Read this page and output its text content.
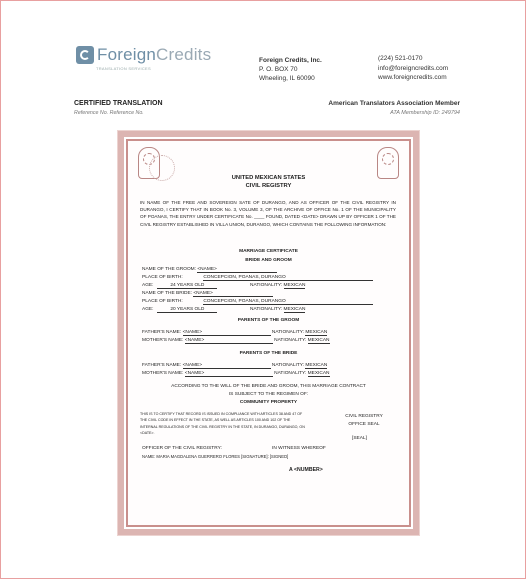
ForeignCredits
TRANSLATION SERVICES
Foreign Credits, Inc.
P. O. BOX 70
Wheeling, IL 60090
(224) 521-0170
info@foreigncredits.com
www.foreigncredits.com
CERTIFIED TRANSLATION
Reference No. Reference No.
American Translators Association Member
ATA Membership ID: 249794
UNITED MEXICAN STATES
CIVIL REGISTRY
IN NAME OF THE FREE AND SOVEREIGN SATE OF DURANGO, AND AS OFFICER OF THE CIVIL REGISTRY IN DURANGO, I CERTIFY THAT IN BOOK No. 3, VOLUME 3, OF THE ARCHIVE OF OFFICE No. 1 OF THE MUNICIPALITY OF POANAS, THE ENTRY UNDER CERTIFICATE No. ____ FOUND, DATED <DATE> DRAWN UP BY OFFICER 1 OF THE CIVIL REGISTRY ESTABLISHED IN VILLA UNION, DURANGO, WHICH CONTAINS THE FOLLOWING INFORMATION:
MARRIAGE CERTIFICATE
BRIDE AND GROOM
NAME OF THE GROOM: <NAME>
PLACE OF BIRTH:	CONCEPCION, POANAS, DURANGO
AGE:	24 YEARS OLD	NATIONALITY: MEXICAN
NAME OF THE BRIDE: <NAME>
PLACE OF BIRTH:	CONCEPCION, POANAS, DURANGO
AGE:	20 YEARS OLD	NATIONALITY: MEXICAN
PARENTS OF THE GROOM
FATHER'S NAME: <NAME>	NATIONALITY: MEXICAN
MOTHER'S NAME: <NAME>	NATIONALITY: MEXICAN
PARENTS OF THE BRIDE
FATHER'S NAME: <NAME>	NATIONALITY: MEXICAN
MOTHER'S NAME: <NAME>	NATIONALITY: MEXICAN
ACCORDING TO THE WILL OF THE BRIDE AND GROOM, THIS MARRIAGE CONTRACT
IS SUBJECT TO THE REGIMEN OF:
COMMUNITY PROPERTY
THIS IS TO CERTIFY THAT RECORD IS ISSUED IN COMPLIANCE WITH ARTICLES 38 AND 47 OF THE CIVIL CODE IN EFFECT IN THE STATE, AS WELL AS ARTICLES 100 AND 102 OF THE INTERNAL REGULATIONS OF THE CIVIL REGISTRY IN THE STATE, IN DURANGO, DURANGO, ON <DATE>.
CIVIL REGISTRY
OFFICE SEAL
[SEAL]
OFFICER OF THE CIVIL REGISTRY:	IN WITNESS WHEREOF
NAME: MARIA MAGDALENA GUERRERO FLORES [SIGNATURE]: [SIGNED]
A <NUMBER>
